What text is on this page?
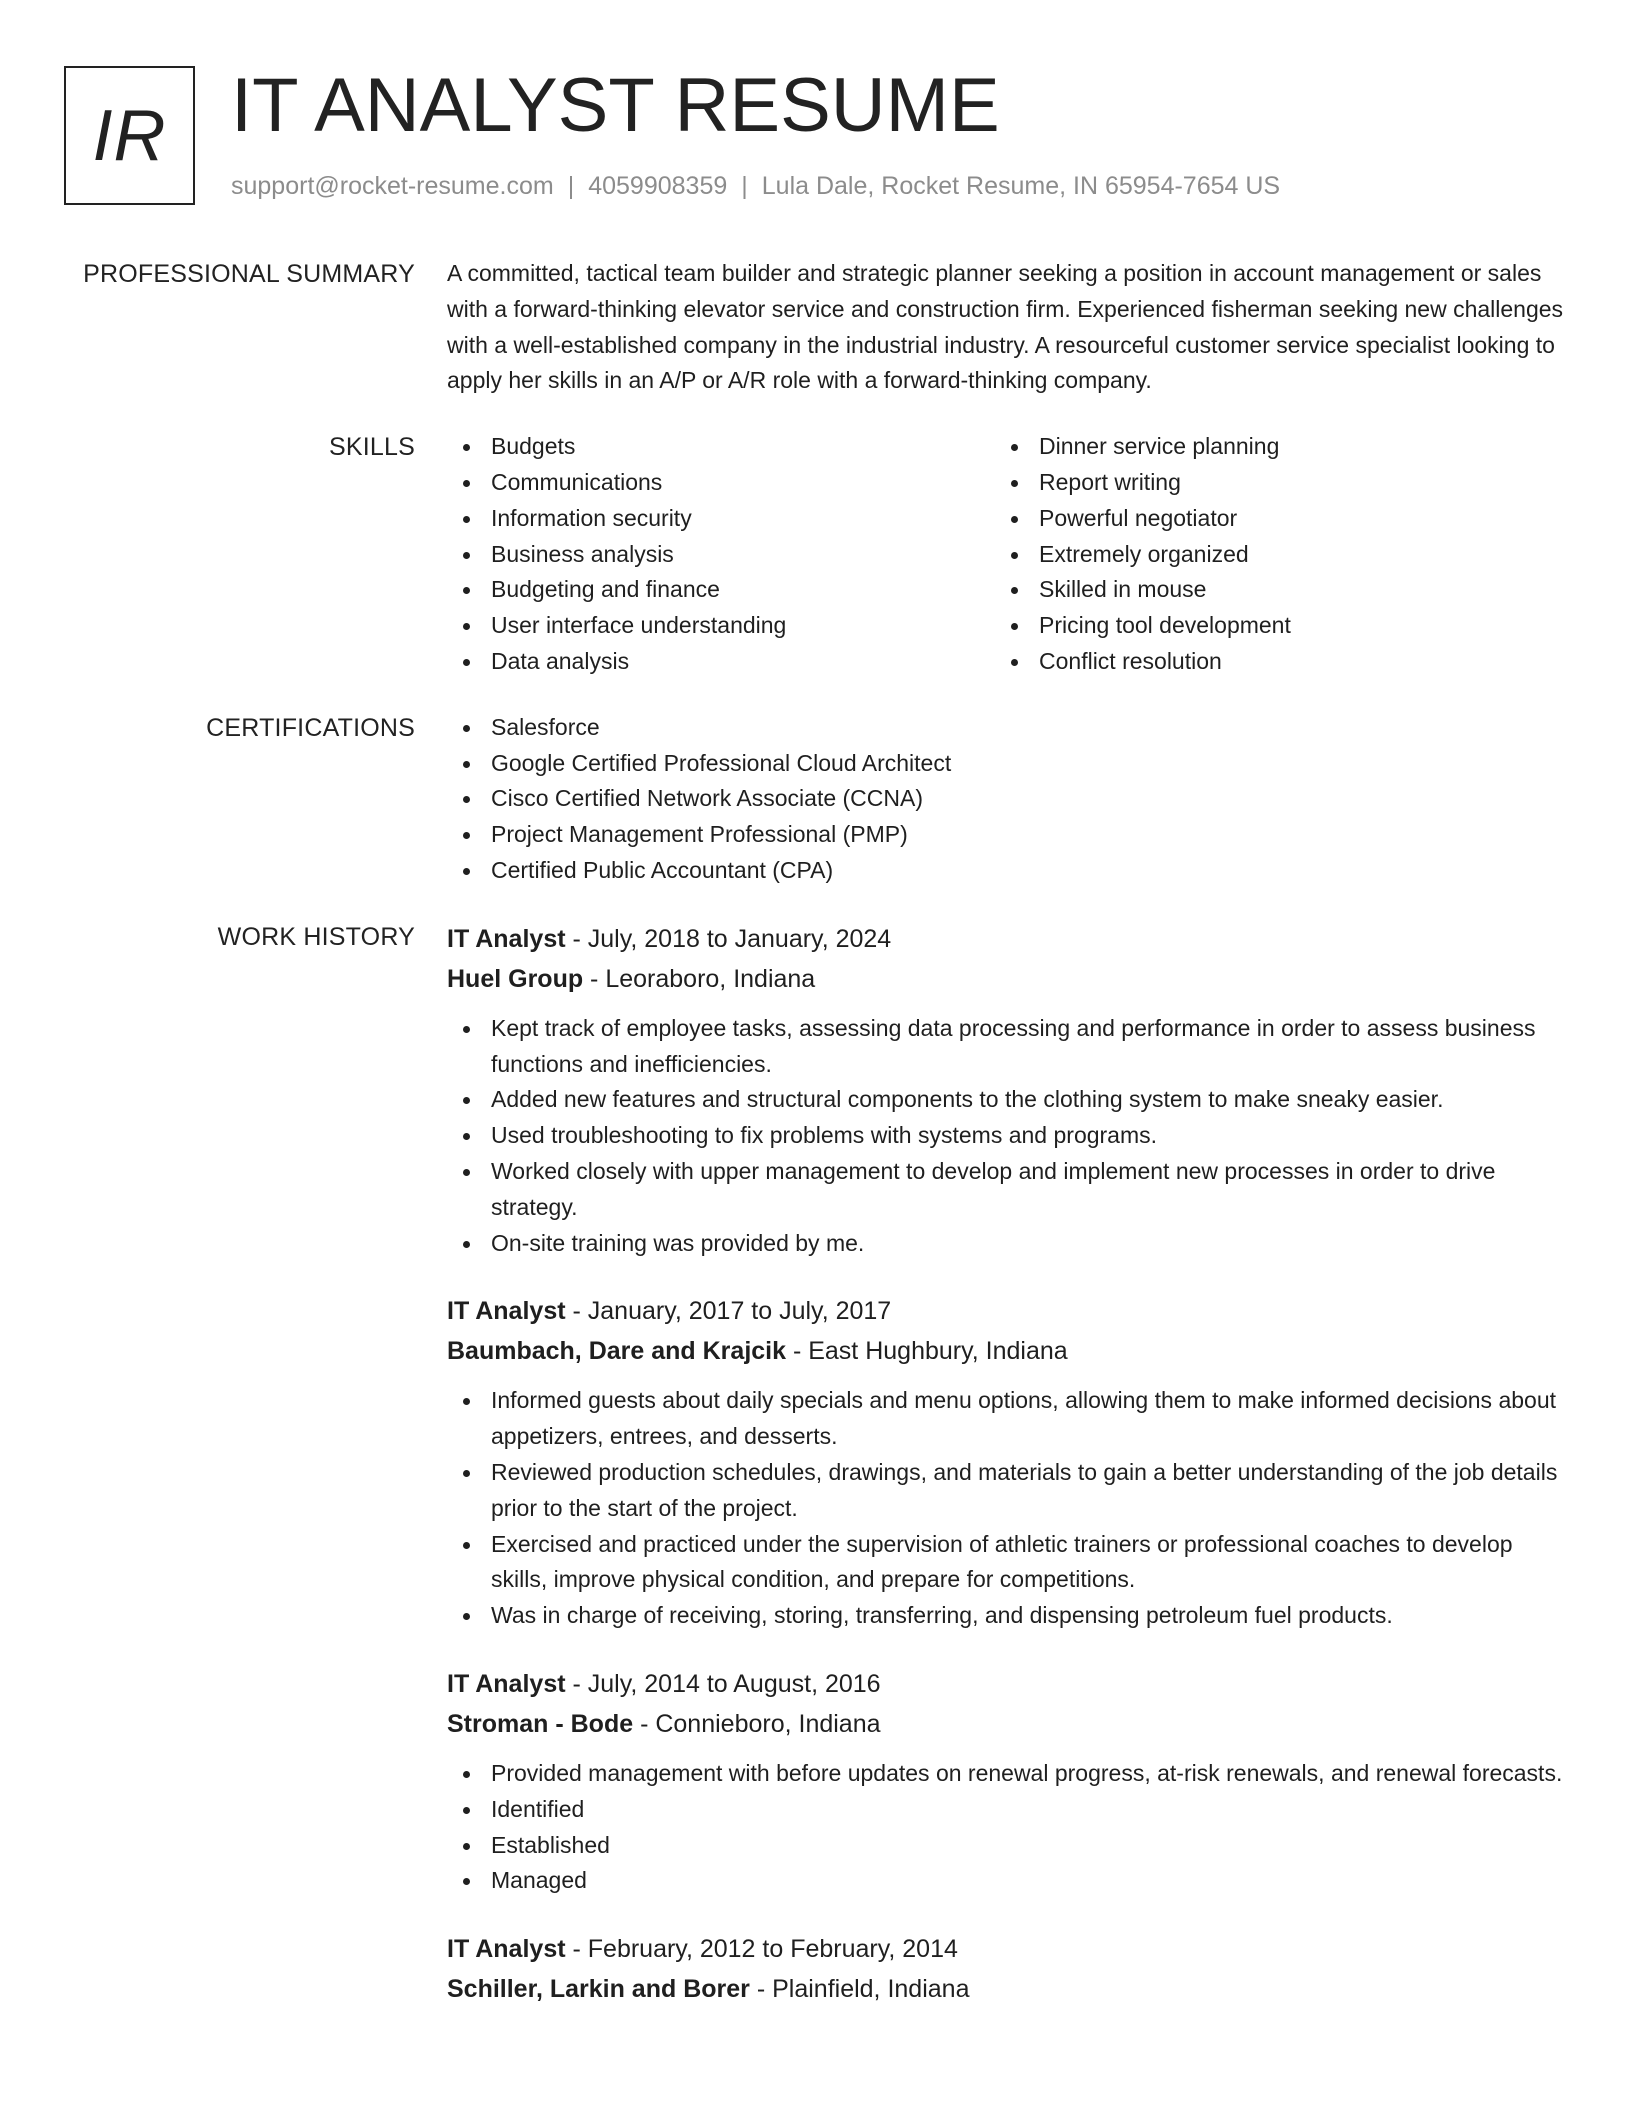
IR IT ANALYST RESUME
support@rocket-resume.com | 4059908359 | Lula Dale, Rocket Resume, IN 65954-7654 US
PROFESSIONAL SUMMARY A committed, tactical team builder and strategic planner seeking a position in account management or sales with a forward-thinking elevator service and construction firm. Experienced fisherman seeking new challenges with a well-established company in the industrial industry. A resourceful customer service specialist looking to apply her skills in an A/P or A/R role with a forward-thinking company.

SKILLS	Budgets
Communications
Information security
Business analysis
Budgeting and finance
User interface understanding
Data analysis
Dinner service planning
Report writing
Powerful negotiator
Extremely organized
Skilled in mouse
Pricing tool development
Conflict resolution
CERTIFICATIONS	Salesforce
Google Certified Professional Cloud Architect
Cisco Certified Network Associate (CCNA)
Project Management Professional (PMP)
Certified Public Accountant (CPA)
WORK HISTORY IT Analyst - July, 2018 to January, 2024
Huel Group - Leoraboro, Indiana
Kept track of employee tasks, assessing data processing and performance in order to assess business functions and inefficiencies.
Added new features and structural components to the clothing system to make sneaky easier.
Used troubleshooting to fix problems with systems and programs.
Worked closely with upper management to develop and implement new processes in order to drive strategy.
On-site training was provided by me.
IT Analyst - January, 2017 to July, 2017
Baumbach, Dare and Krajcik - East Hughbury, Indiana
Informed guests about daily specials and menu options, allowing them to make informed decisions about appetizers, entrees, and desserts.
Reviewed production schedules, drawings, and materials to gain a better understanding of the job details prior to the start of the project.
Exercised and practiced under the supervision of athletic trainers or professional coaches to develop skills, improve physical condition, and prepare for competitions.
Was in charge of receiving, storing, transferring, and dispensing petroleum fuel products.
IT Analyst - July, 2014 to August, 2016
Stroman - Bode - Connieboro, Indiana
Provided management with before updates on renewal progress, at-risk renewals, and renewal forecasts.
Identified
Established
Managed
IT Analyst - February, 2012 to February, 2014
Schiller, Larkin and Borer - Plainfield, Indiana
